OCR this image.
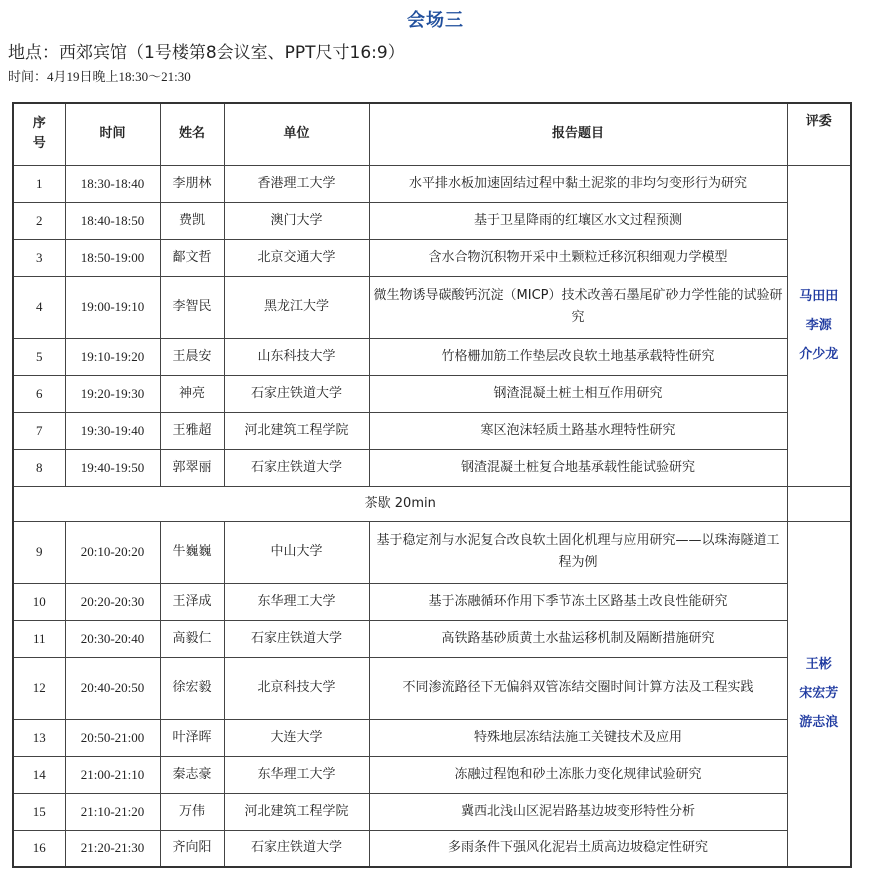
会场三
地点：西郊宾馆（1号楼第8会议室、PPT尺寸16:9）
时间：4月19日晚上18:30～21:30
序号	时间	姓名	单位	报告题目	评委
1	18:30-18:40	李朋林	香港理工大学	水平排水板加速固结过程中黏土泥浆的非均匀变形行为研究	马田田
李源
介少龙

2	18:40-18:50	费凯	澳门大学	基于卫星降雨的红壤区水文过程预测	
3	18:50-19:00	鄐文哲	北京交通大学	含水合物沉积物开采中土颗粒迁移沉积细观力学模型	
4	19:00-19:10	李智民	黑龙江大学	微生物诱导碳酸钙沉淀（MICP）技术改善石墨尾矿砂力学性能的试验研究	
5	19:10-19:20	王晨安	山东科技大学	竹格栅加筋工作垫层改良软土地基承载特性研究	
6	19:20-19:30	神亮	石家庄铁道大学	钢渣混凝土桩土相互作用研究	
7	19:30-19:40	王雅超	河北建筑工程学院	寒区泡沫轻质土路基水理特性研究	
8	19:40-19:50	郭翠丽	石家庄铁道大学	钢渣混凝土桩复合地基承载性能试验研究	
茶歇 20min					
9	20:10-20:20	牛巍巍	中山大学	基于稳定剂与水泥复合改良软土固化机理与应用研究——以珠海隧道工程为例	王彬
宋宏芳
游志浪

10	20:20-20:30	王泽成	东华理工大学	基于冻融循环作用下季节冻土区路基土改良性能研究	
11	20:30-20:40	高毅仁	石家庄铁道大学	高铁路基砂质黄土水盐运移机制及隔断措施研究	
12	20:40-20:50	徐宏毅	北京科技大学	不同渗流路径下无偏斜双管冻结交圈时间计算方法及工程实践	
13	20:50-21:00	叶泽晖	大连大学	特殊地层冻结法施工关键技术及应用	
14	21:00-21:10	秦志豪	东华理工大学	冻融过程饱和砂土冻胀力变化规律试验研究	
15	21:10-21:20	万伟	河北建筑工程学院	冀西北浅山区泥岩路基边坡变形特性分析	
16	21:20-21:30	齐向阳	石家庄铁道大学	多雨条件下强风化泥岩土质高边坡稳定性研究	
